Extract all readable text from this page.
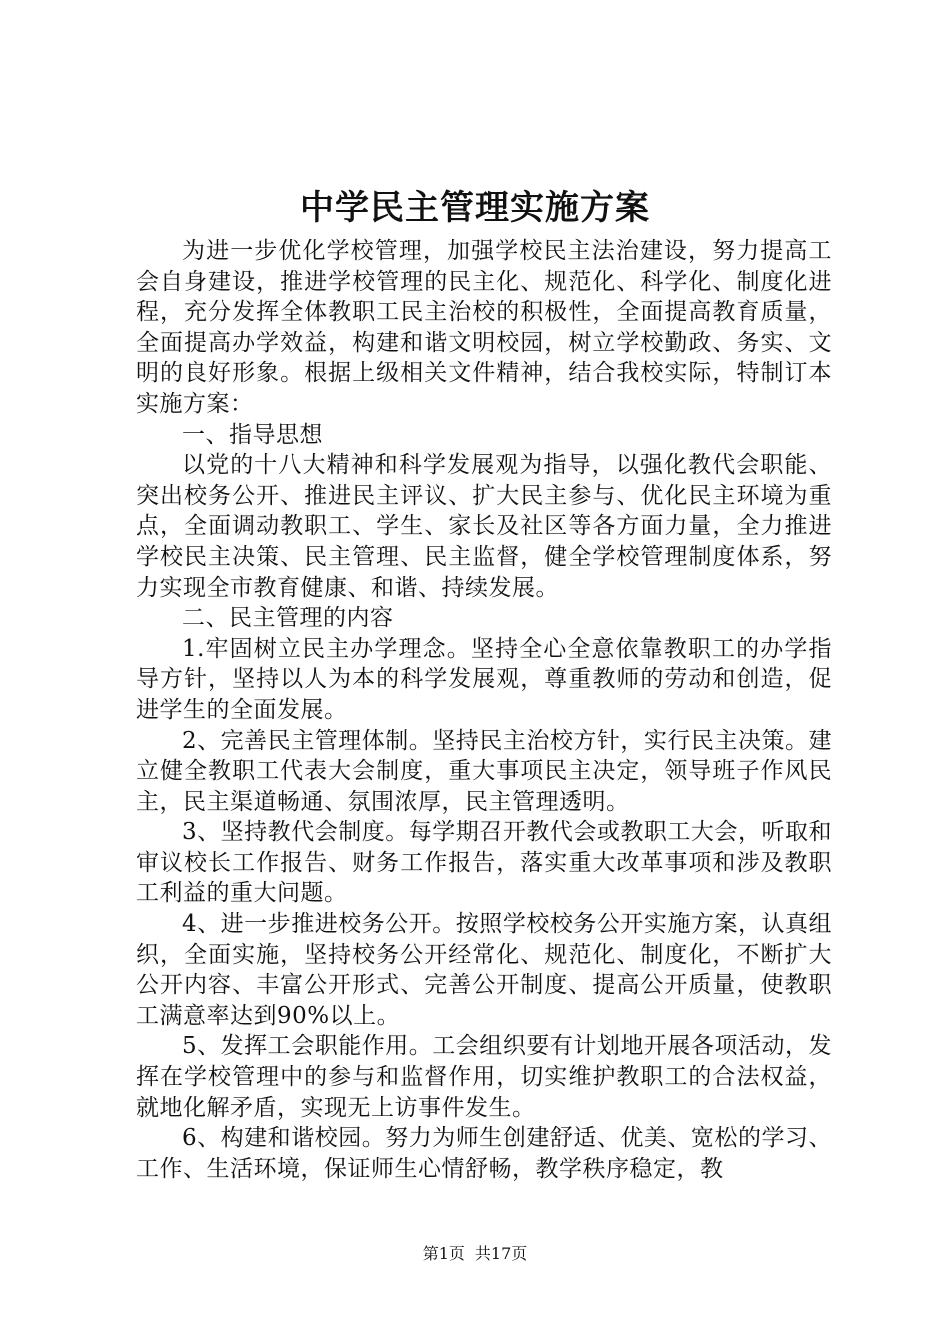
中学民主管理实施方案

为进一步优化学校管理，加强学校民主法治建设，努力提高工会自身建设，推进学校管理的民主化、规范化、科学化、制度化进程，充分发挥全体教职工民主治校的积极性，全面提高教育质量，全面提高办学效益，构建和谐文明校园，树立学校勤政、务实、文明的良好形象。根据上级相关文件精神，结合我校实际，特制订本实施方案：

一、指导思想

以党的十八大精神和科学发展观为指导，以强化教代会职能、突出校务公开、推进民主评议、扩大民主参与、优化民主环境为重点，全面调动教职工、学生、家长及社区等各方面力量，全力推进学校民主决策、民主管理、民主监督，健全学校管理制度体系，努力实现全市教育健康、和谐、持续发展。

二、民主管理的内容

1.牢固树立民主办学理念。坚持全心全意依靠教职工的办学指导方针，坚持以人为本的科学发展观，尊重教师的劳动和创造，促进学生的全面发展。

2、完善民主管理体制。坚持民主治校方针，实行民主决策。建立健全教职工代表大会制度，重大事项民主决定，领导班子作风民主，民主渠道畅通、氛围浓厚，民主管理透明。

3、坚持教代会制度。每学期召开教代会或教职工大会，听取和审议校长工作报告、财务工作报告，落实重大改革事项和涉及教职工利益的重大问题。

4、进一步推进校务公开。按照学校校务公开实施方案，认真组织，全面实施，坚持校务公开经常化、规范化、制度化，不断扩大公开内容、丰富公开形式、完善公开制度、提高公开质量，使教职工满意率达到90%以上。

5、发挥工会职能作用。工会组织要有计划地开展各项活动，发挥在学校管理中的参与和监督作用，切实维护教职工的合法权益，就地化解矛盾，实现无上访事件发生。

6、构建和谐校园。努力为师生创建舒适、优美、宽松的学习、工作、生活环境，保证师生心情舒畅，教学秩序稳定，教

第1页 共17页
